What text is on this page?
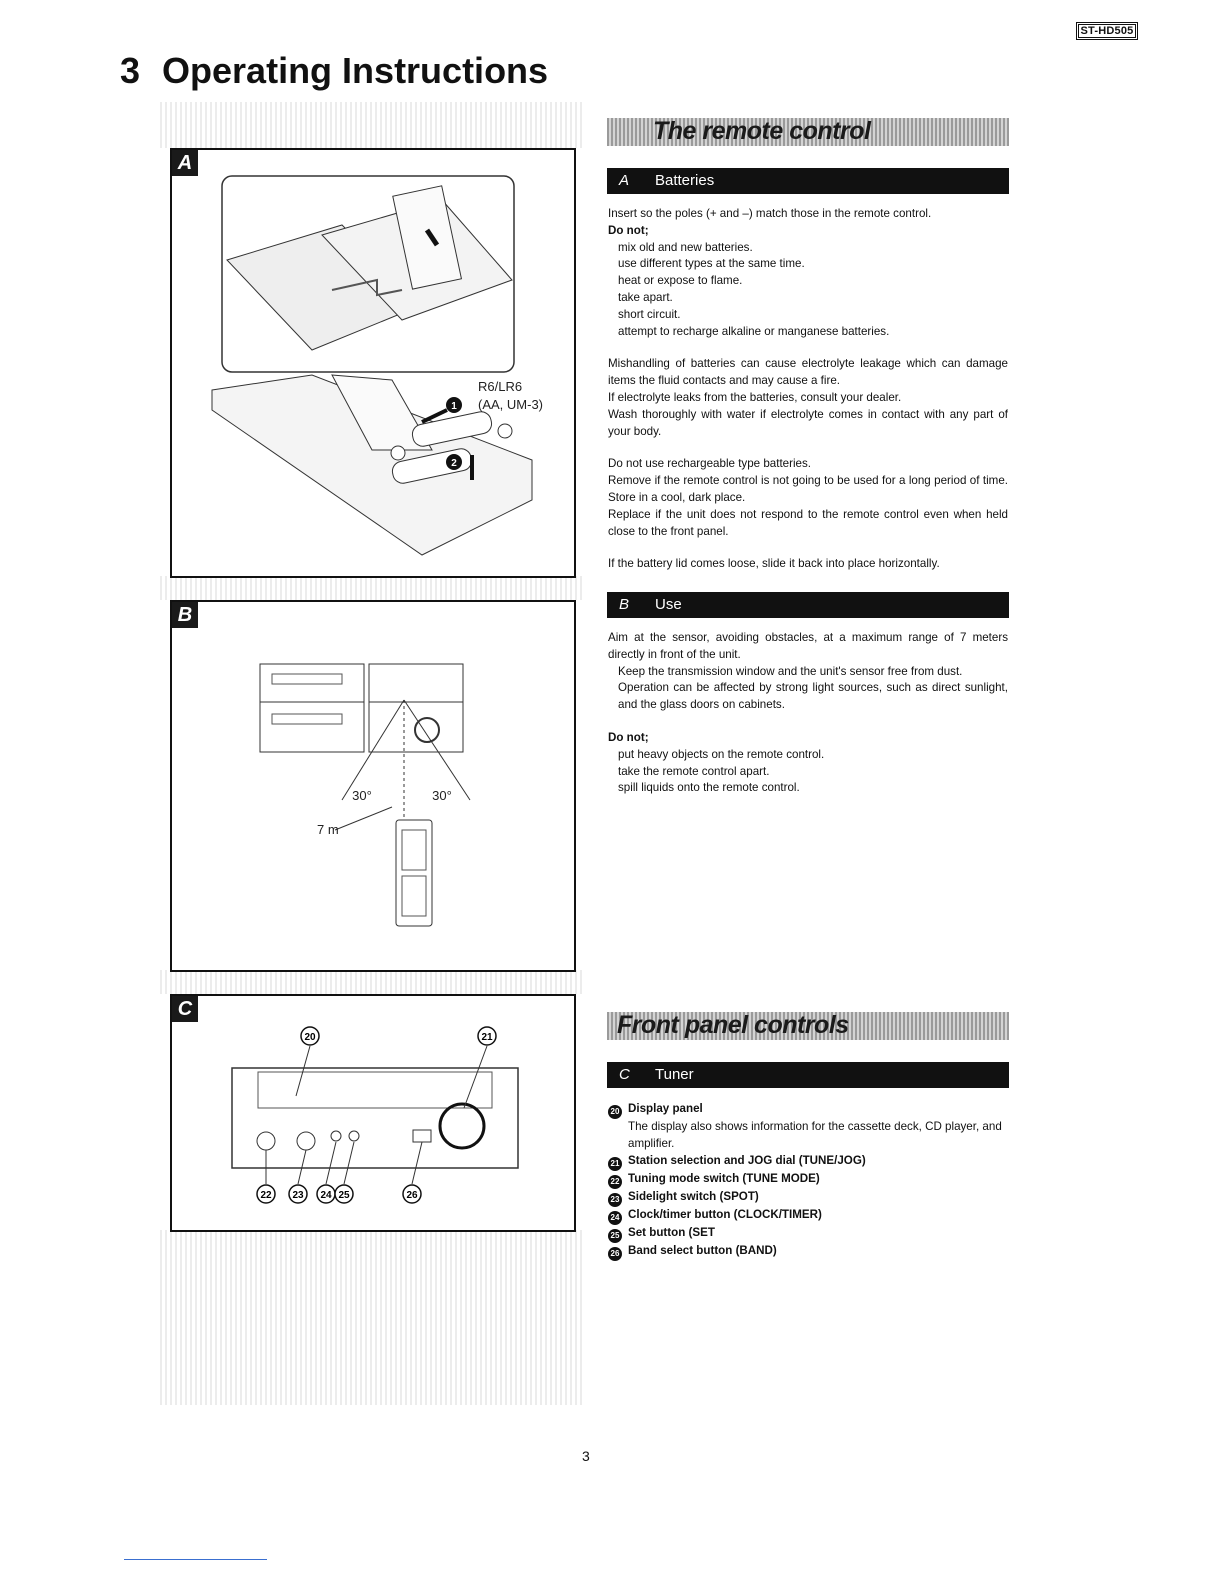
ST-HD505
3 Operating Instructions
1
2
R6/LR6
(AA, UM-3)
A
30°	30°
7 m
B
20	21
22 23 24 25	26
C
The remote control
A Batteries

Insert so the poles (+ and –) match those in the remote control.

Do not;

mix old and new batteries.

use different types at the same time.

heat or expose to flame.

take apart.

short circuit.

attempt to recharge alkaline or manganese batteries.

Mishandling of batteries can cause electrolyte leakage which can damage items the fluid contacts and may cause a fire.

If electrolyte leaks from the batteries, consult your dealer.

Wash thoroughly with water if electrolyte comes in contact with any part of your body.

Do not use rechargeable type batteries.

Remove if the remote control is not going to be used for a long period of time. Store in a cool, dark place.

Replace if the unit does not respond to the remote control even when held close to the front panel.

If the battery lid comes loose, slide it back into place horizontally.

B Use

Aim at the sensor, avoiding obstacles, at a maximum range of 7 meters directly in front of the unit.

Keep the transmission window and the unit's sensor free from dust.

Operation can be affected by strong light sources, such as direct sunlight, and the glass doors on cabinets.

Do not;

put heavy objects on the remote control.

take the remote control apart.

spill liquids onto the remote control.

Front panel controls
C Tuner

20 Display panel

The display also shows information for the cassette deck, CD player, and amplifier.

21 Station selection and JOG dial (TUNE/JOG)

22 Tuning mode switch (TUNE MODE)

23 Sidelight switch (SPOT)

24 Clock/timer button (CLOCK/TIMER)

25 Set button (SET

26 Band select button (BAND)

3
